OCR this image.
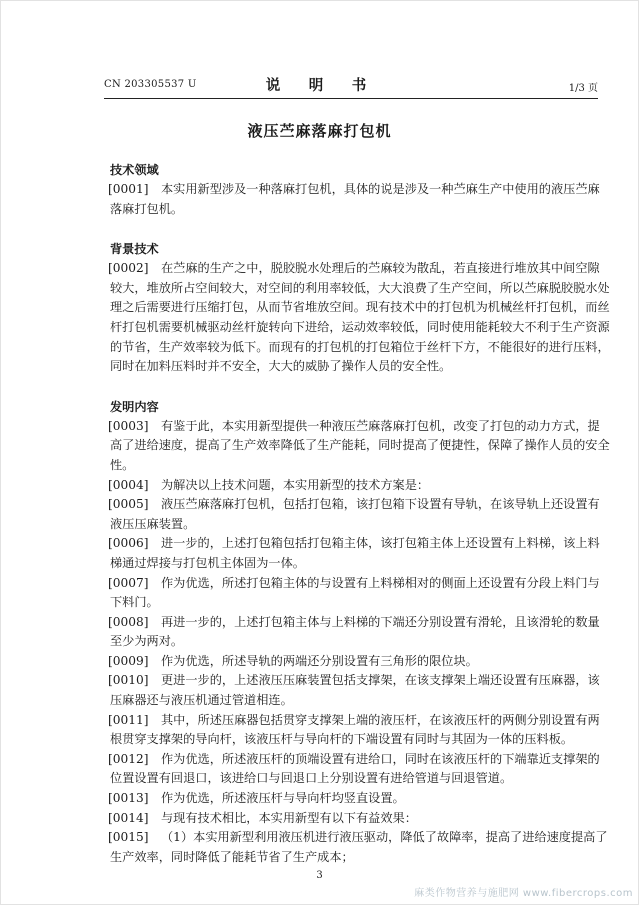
CN 203305537 U	说　明　书	1/3 页
液压苎麻落麻打包机
技术领域
[0001] 本实用新型涉及一种落麻打包机，具体的说是涉及一种苎麻生产中使用的液压苎麻落麻打包机。
背景技术
[0002] 在苎麻的生产之中，脱胶脱水处理后的苎麻较为散乱，若直接进行堆放其中间空隙较大，堆放所占空间较大，对空间的利用率较低，大大浪费了生产空间，所以苎麻脱胶脱水处理之后需要进行压缩打包，从而节省堆放空间。现有技术中的打包机为机械丝杆打包机，而丝杆打包机需要机械驱动丝杆旋转向下进给，运动效率较低，同时使用能耗较大不利于生产资源的节省，生产效率较为低下。而现有的打包机的打包箱位于丝杆下方，不能很好的进行压料，同时在加料压料时并不安全，大大的威胁了操作人员的安全性。
发明内容
[0003] 有鉴于此，本实用新型提供一种液压苎麻落麻打包机，改变了打包的动力方式，提高了进给速度，提高了生产效率降低了生产能耗，同时提高了便捷性，保障了操作人员的安全性。
[0004] 为解决以上技术问题，本实用新型的技术方案是：
[0005] 液压苎麻落麻打包机，包括打包箱，该打包箱下设置有导轨，在该导轨上还设置有液压压麻装置。
[0006] 进一步的，上述打包箱包括打包箱主体，该打包箱主体上还设置有上料梯，该上料梯通过焊接与打包机主体固为一体。
[0007] 作为优选，所述打包箱主体的与设置有上料梯相对的侧面上还设置有分段上料门与下料门。
[0008] 再进一步的，上述打包箱主体与上料梯的下端还分别设置有滑轮，且该滑轮的数量至少为两对。
[0009] 作为优选，所述导轨的两端还分别设置有三角形的限位块。
[0010] 更进一步的，上述液压压麻装置包括支撑架，在该支撑架上端还设置有压麻器，该压麻器还与液压机通过管道相连。
[0011] 其中，所述压麻器包括贯穿支撑架上端的液压杆，在该液压杆的两侧分别设置有两根贯穿支撑架的导向杆，该液压杆与导向杆的下端设置有同时与其固为一体的压料板。
[0012] 作为优选，所述液压杆的顶端设置有进给口，同时在该液压杆的下端靠近支撑架的位置设置有回退口，该进给口与回退口上分别设置有进给管道与回退管道。
[0013] 作为优选，所述液压杆与导向杆均竖直设置。
[0014] 与现有技术相比，本实用新型有以下有益效果：
[0015] （1）本实用新型利用液压机进行液压驱动，降低了故障率，提高了进给速度提高了生产效率，同时降低了能耗节省了生产成本；
3
麻类作物营养与施肥网 www.fibercrops.com
